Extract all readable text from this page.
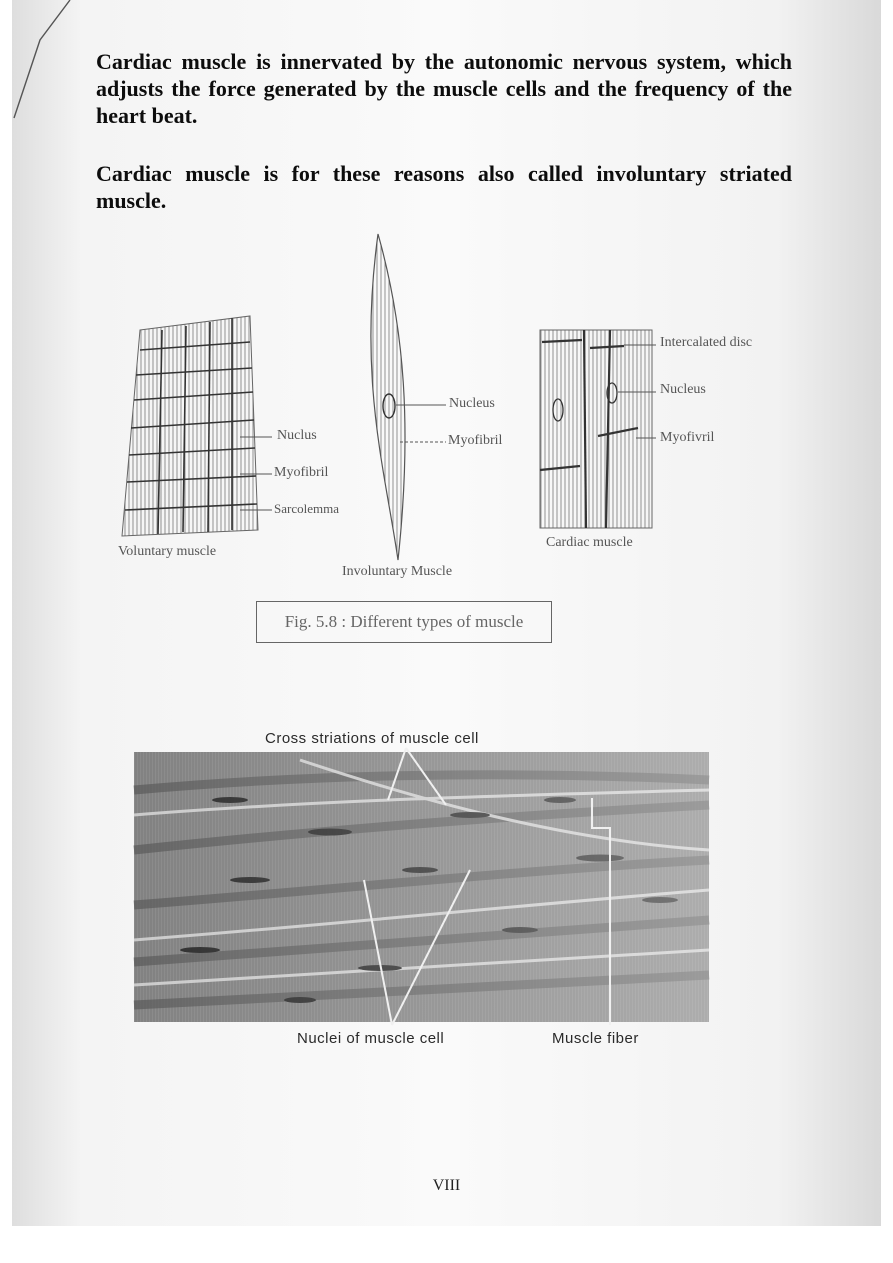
Cardiac muscle is innervated by the autonomic nervous system, which adjusts the force generated by the muscle cells and the frequency of the heart beat.
Cardiac muscle is for these reasons also called involuntary striated muscle.
Nuclus
Myofibril
Sarcolemma
Voluntary muscle
Nucleus
Myofibril
Involuntary Muscle
Intercalated disc
Nucleus
Myofivril
Cardiac muscle
Fig. 5.8 : Different types of muscle
Cross striations of muscle cell
Nuclei of muscle cell	Muscle fiber
VIII
